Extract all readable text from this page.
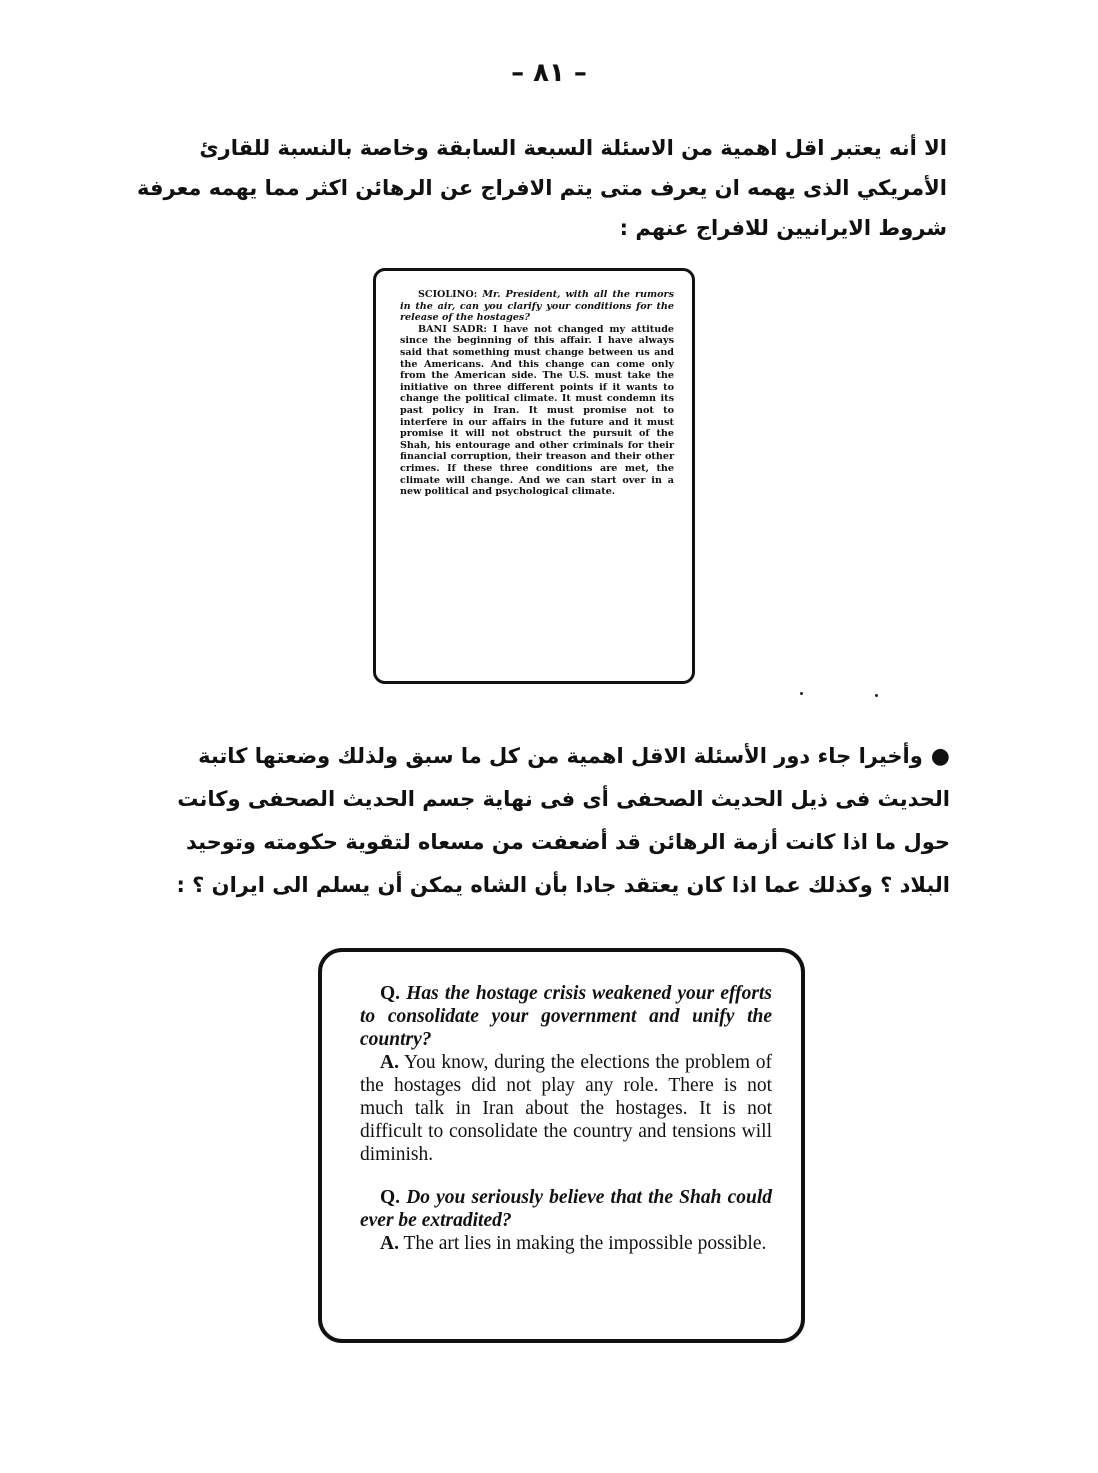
– ٨١ –
الا أنه يعتبر اقل اهمية من الاسئلة السبعة السابقة وخاصة بالنسبة للقارئ الأمريكي الذى يهمه ان يعرف متى يتم الافراج عن الرهائن اكثر مما يهمه معرفة شروط الايرانيين للافراج عنهم :

SCIOLINO: Mr. President, with all the rumors in the air, can you clarify your conditions for the release of the hostages?

BANI SADR: I have not changed my attitude since the beginning of this affair. I have always said that something must change between us and the Americans. And this change can come only from the American side. The U.S. must take the initiative on three different points if it wants to change the political climate. It must condemn its past policy in Iran. It must promise not to interfere in our affairs in the future and it must promise it will not obstruct the pursuit of the Shah, his entourage and other criminals for their financial corruption, their treason and their other crimes. If these three conditions are met, the climate will change. And we can start over in a new political and psychological climate.

●وأخيرا جاء دور الأسئلة الاقل اهمية من كل ما سبق ولذلك وضعتها كاتبة الحديث فى ذيل الحديث الصحفى أى فى نهاية جسم الحديث الصحفى وكانت حول ما اذا كانت أزمة الرهائن قد أضعفت من مسعاه لتقوية حكومته وتوحيد البلاد ؟ وكذلك عما اذا كان يعتقد جادا بأن الشاه يمكن أن يسلم الى ايران ؟ :

Q. Has the hostage crisis weakened your efforts to consolidate your government and unify the country?

A. You know, during the elections the problem of the hostages did not play any role. There is not much talk in Iran about the hostages. It is not difficult to consolidate the country and tensions will diminish.

Q. Do you seriously believe that the Shah could ever be extradited?

A. The art lies in making the impossible possible.
